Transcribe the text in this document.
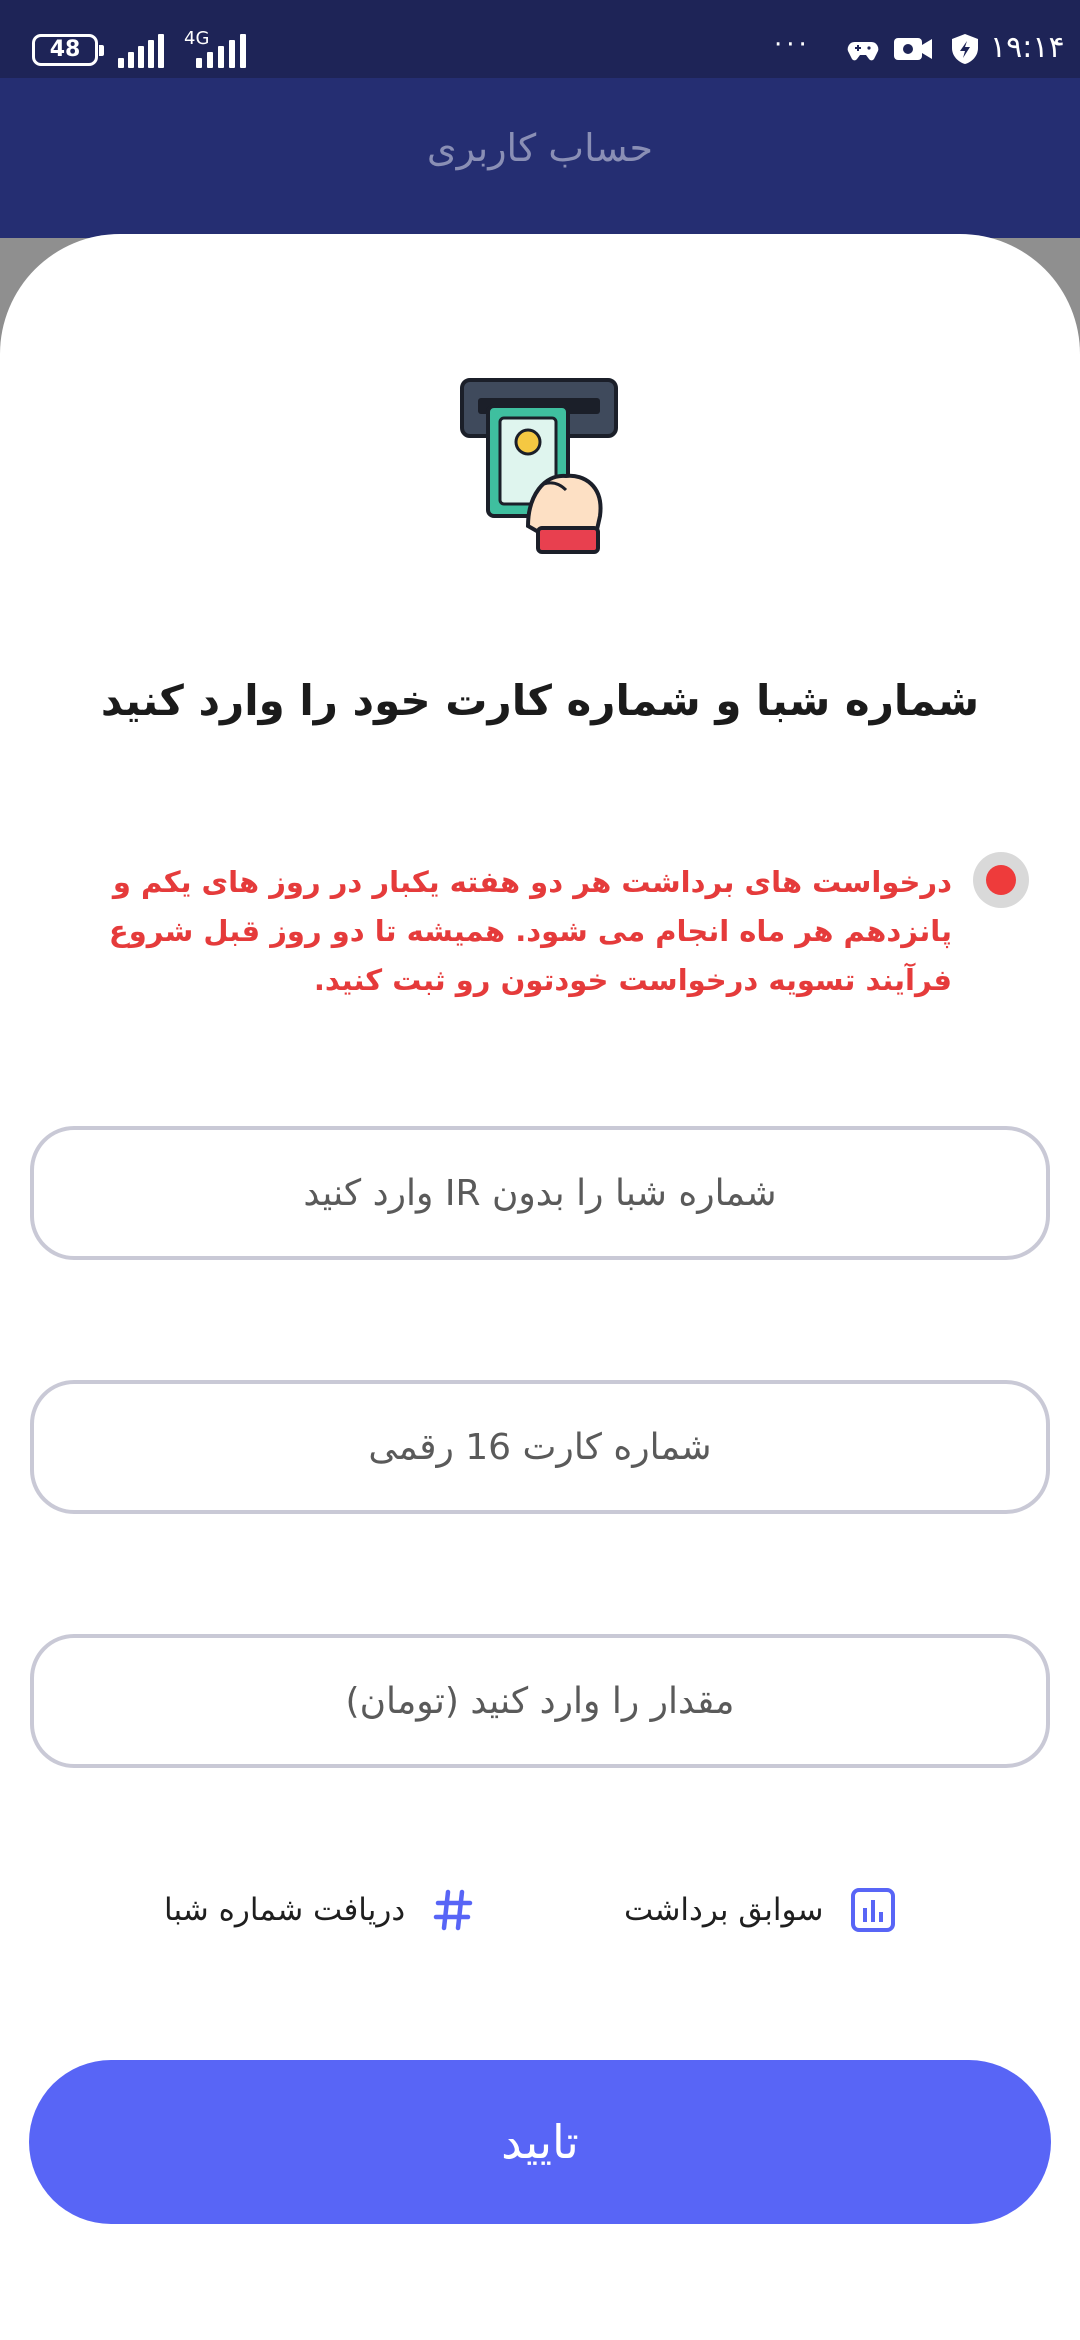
48	4G	···	۱۹:۱۴
حساب کاربری
شماره شبا و شماره کارت خود را وارد کنید
درخواست های برداشت هر دو هفته یکبار در روز های یکم و پانزدهم هر ماه انجام می شود. همیشه تا دو روز قبل شروع فرآیند تسویه درخواست خودتون رو ثبت کنید.
شماره شبا را بدون IR وارد کنید
شماره کارت 16 رقمی
مقدار را وارد کنید (تومان)
سوابق برداشت
دریافت شماره شبا
تایید
